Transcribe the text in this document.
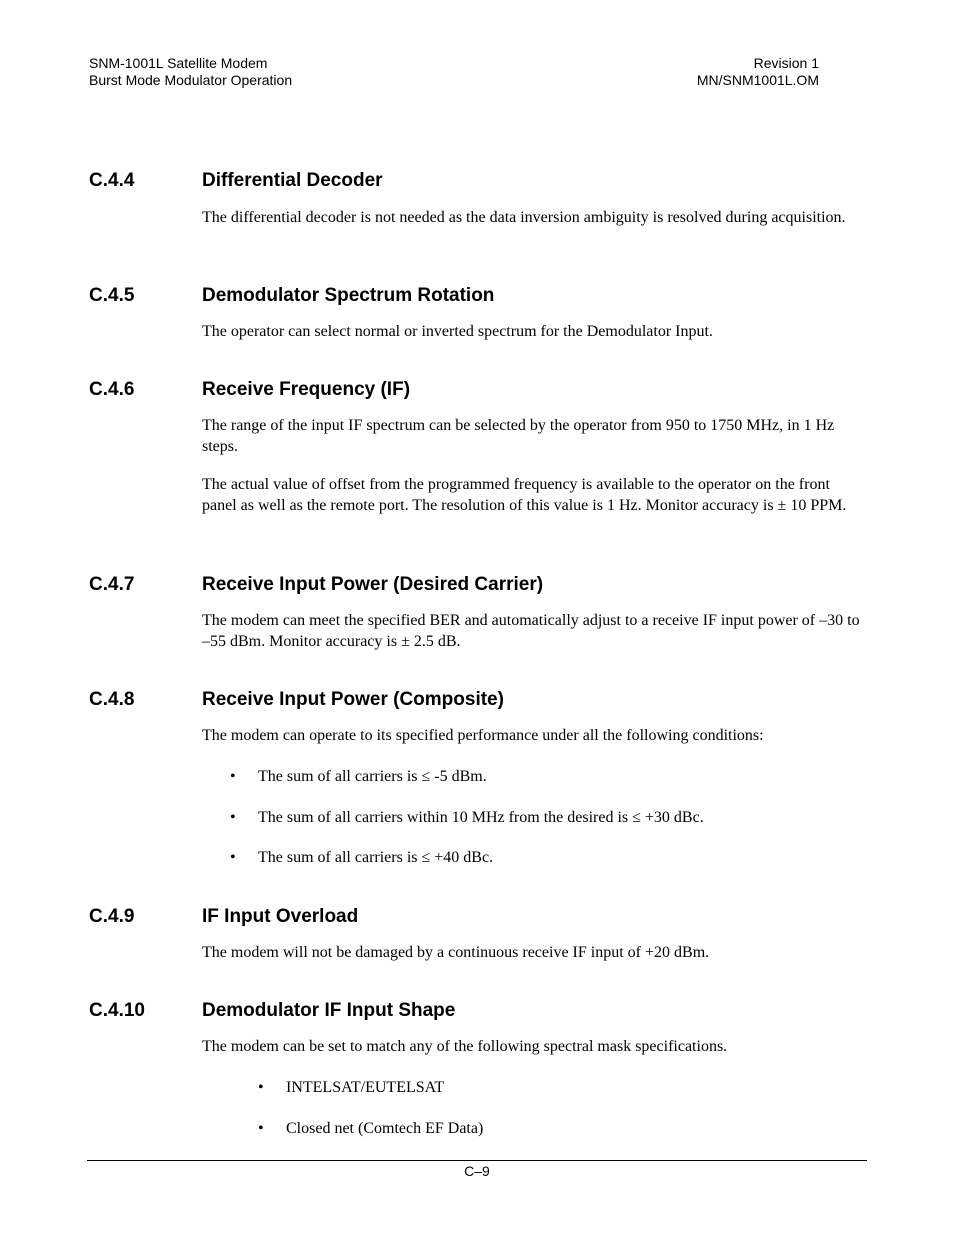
SNM-1001L Satellite Modem
Burst Mode Modulator Operation
Revision 1
MN/SNM1001L.OM
C.4.4	Differential Decoder
The differential decoder is not needed as the data inversion ambiguity is resolved during acquisition.
C.4.5	Demodulator Spectrum Rotation
The operator can select normal or inverted spectrum for the Demodulator Input.
C.4.6	Receive Frequency (IF)
The range of the input IF spectrum can be selected by the operator from 950 to 1750 MHz, in 1 Hz steps.
The actual value of offset from the programmed frequency is available to the operator on the front panel as well as the remote port. The resolution of this value is 1 Hz. Monitor accuracy is ± 10 PPM.
C.4.7	Receive Input Power (Desired Carrier)
The modem can meet the specified BER and automatically adjust to a receive IF input power of –30 to –55 dBm. Monitor accuracy is ± 2.5 dB.
C.4.8	Receive Input Power (Composite)
The modem can operate to its specified performance under all the following conditions:
• The sum of all carriers is ≤ -5 dBm.
• The sum of all carriers within 10 MHz from the desired is ≤ +30 dBc.
• The sum of all carriers is ≤ +40 dBc.
C.4.9	IF Input Overload
The modem will not be damaged by a continuous receive IF input of +20 dBm.
C.4.10	Demodulator IF Input Shape
The modem can be set to match any of the following spectral mask specifications.
• INTELSAT/EUTELSAT
• Closed net (Comtech EF Data)
C–9
